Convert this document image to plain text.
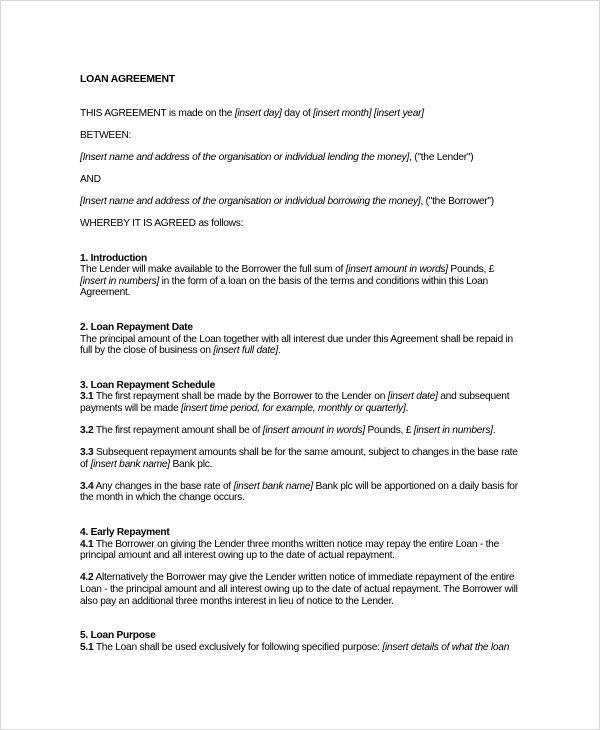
LOAN AGREEMENT

THIS AGREEMENT is made on the [insert day] day of [insert month] [insert year]

BETWEEN:

[Insert name and address of the organisation or individual lending the money], ("the Lender")

AND

[Insert name and address of the organisation or individual borrowing the money], ("the Borrower")

WHEREBY IT IS AGREED as follows:

1. Introduction

The Lender will make available to the Borrower the full sum of [insert amount in words] Pounds, £ [insert in numbers] in the form of a loan on the basis of the terms and conditions within this Loan Agreement.

2. Loan Repayment Date

The principal amount of the Loan together with all interest due under this Agreement shall be repaid in full by the close of business on [insert full date].

3. Loan Repayment Schedule

3.1 The first repayment shall be made by the Borrower to the Lender on [insert date] and subsequent payments will be made [insert time period, for example, monthly or quarterly].

3.2 The first repayment amount shall be of [insert amount in words] Pounds, £ [insert in numbers].

3.3 Subsequent repayment amounts shall be for the same amount, subject to changes in the base rate of [insert bank name] Bank plc.

3.4 Any changes in the base rate of [insert bank name] Bank plc will be apportioned on a daily basis for the month in which the change occurs.

4. Early Repayment

4.1 The Borrower on giving the Lender three months written notice may repay the entire Loan - the principal amount and all interest owing up to the date of actual repayment.

4.2 Alternatively the Borrower may give the Lender written notice of immediate repayment of the entire Loan - the principal amount and all interest owing up to the date of actual repayment. The Borrower will also pay an additional three months interest in lieu of notice to the Lender.

5. Loan Purpose

5.1 The Loan shall be used exclusively for following specified purpose: [insert details of what the loan
